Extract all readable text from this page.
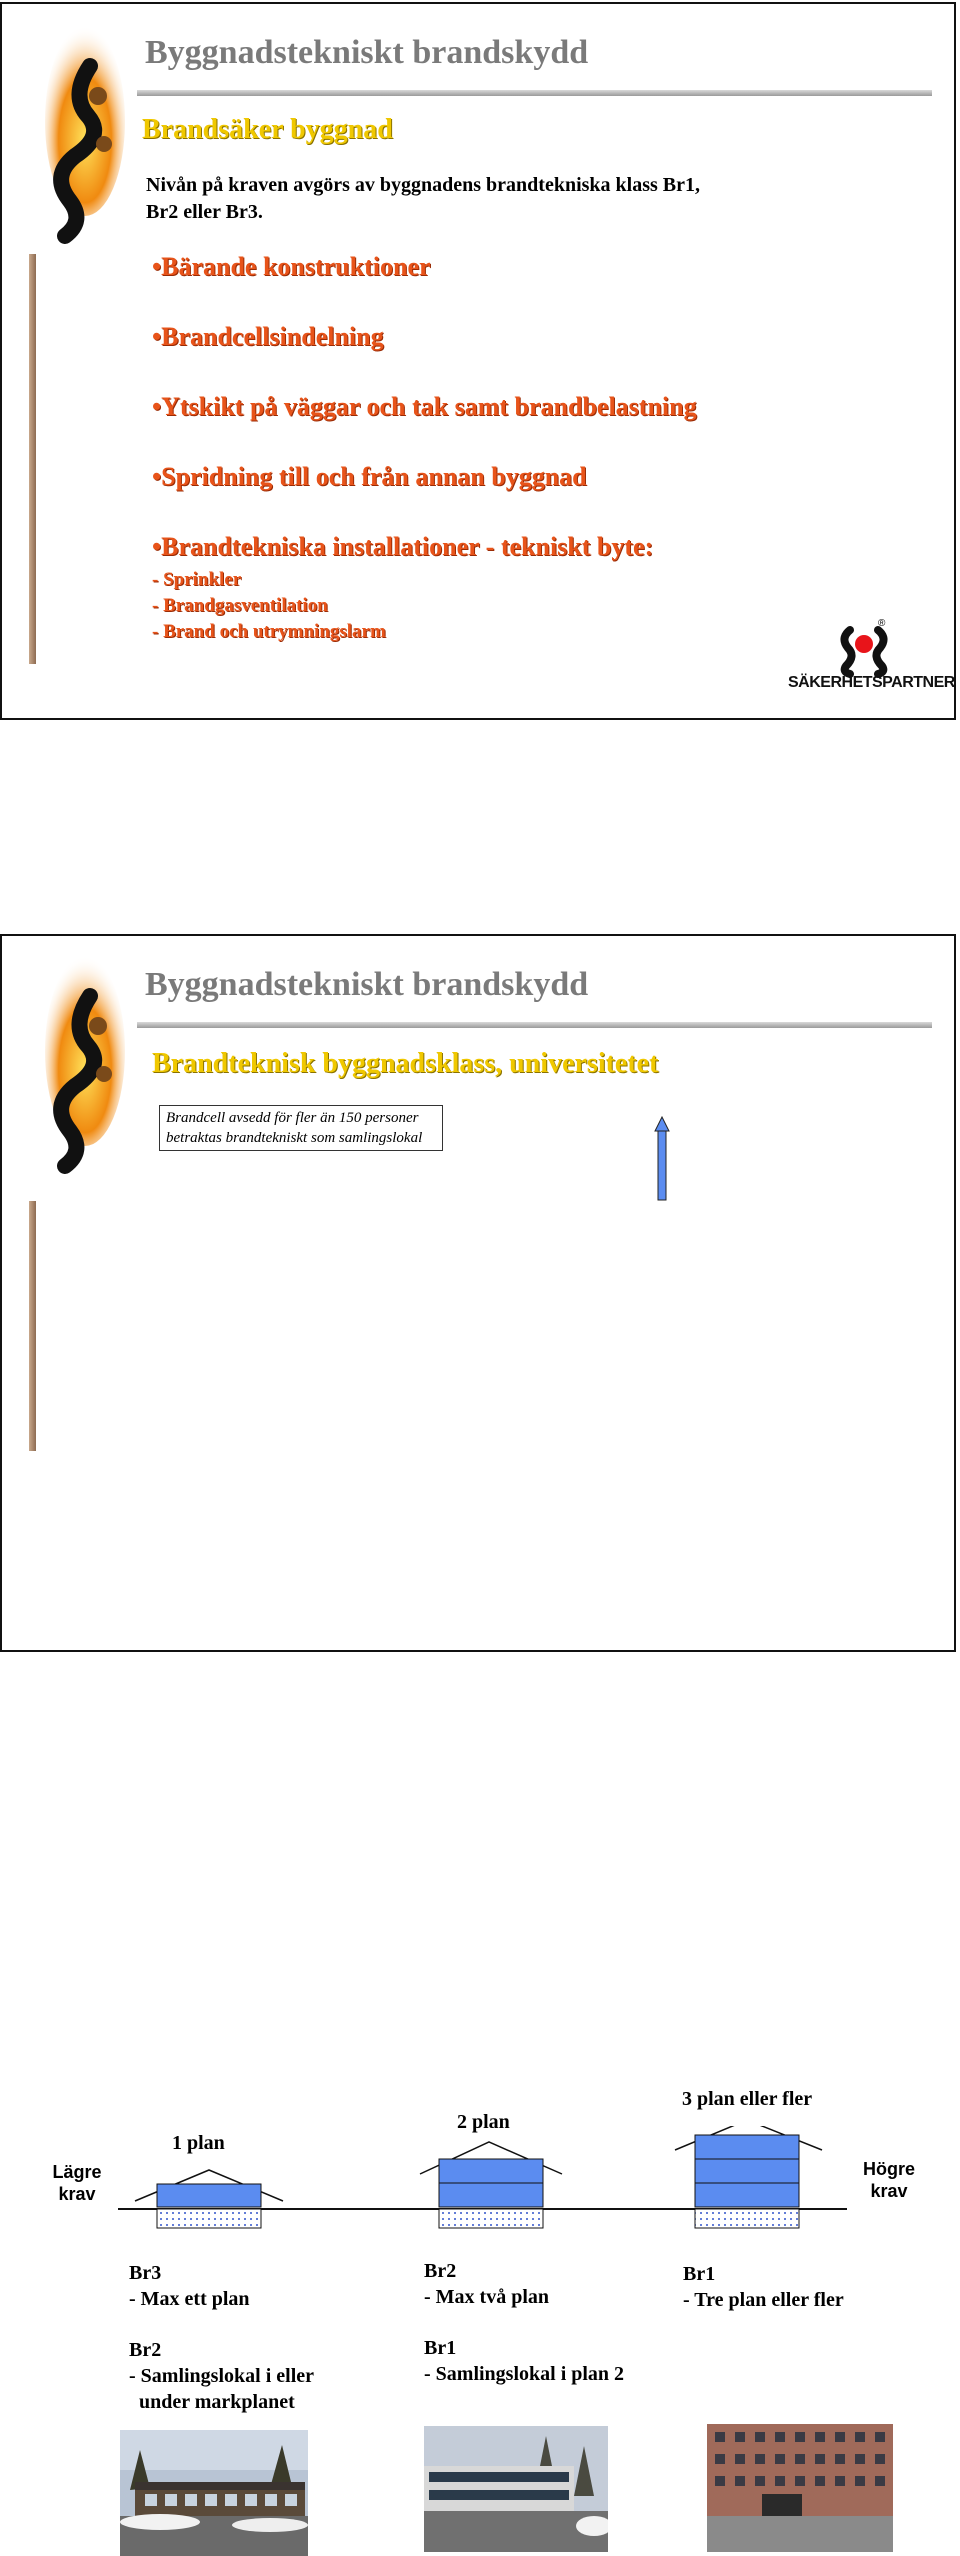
Byggnadstekniskt brandskydd
Brandsäker byggnad
Nivån på kraven avgörs av byggnadens brandtekniska klass Br1,
Br2 eller Br3.
•Bärande konstruktioner
•Brandcellsindelning
•Ytskikt på väggar och tak samt brandbelastning
•Spridning till och från annan byggnad
•Brandtekniska installationer - tekniskt byte:
- Sprinkler
- Brandgasventilation
- Brand och utrymningslarm	®
SÄKERHETSPARTNER
Byggnadstekniskt brandskydd
Brandteknisk byggnadsklass, universitetet
Brandcell avsedd för fler än 150 personer
betraktas brandtekniskt som samlingslokal
1 plan
2 plan
3 plan eller fler
Lägre
krav
Högre
krav
Br3
- Max ett plan
Br2
- Samlingslokal i eller
under markplanet
Br2
- Max två plan
Br1
- Samlingslokal i plan 2
Br1
- Tre plan eller fler
